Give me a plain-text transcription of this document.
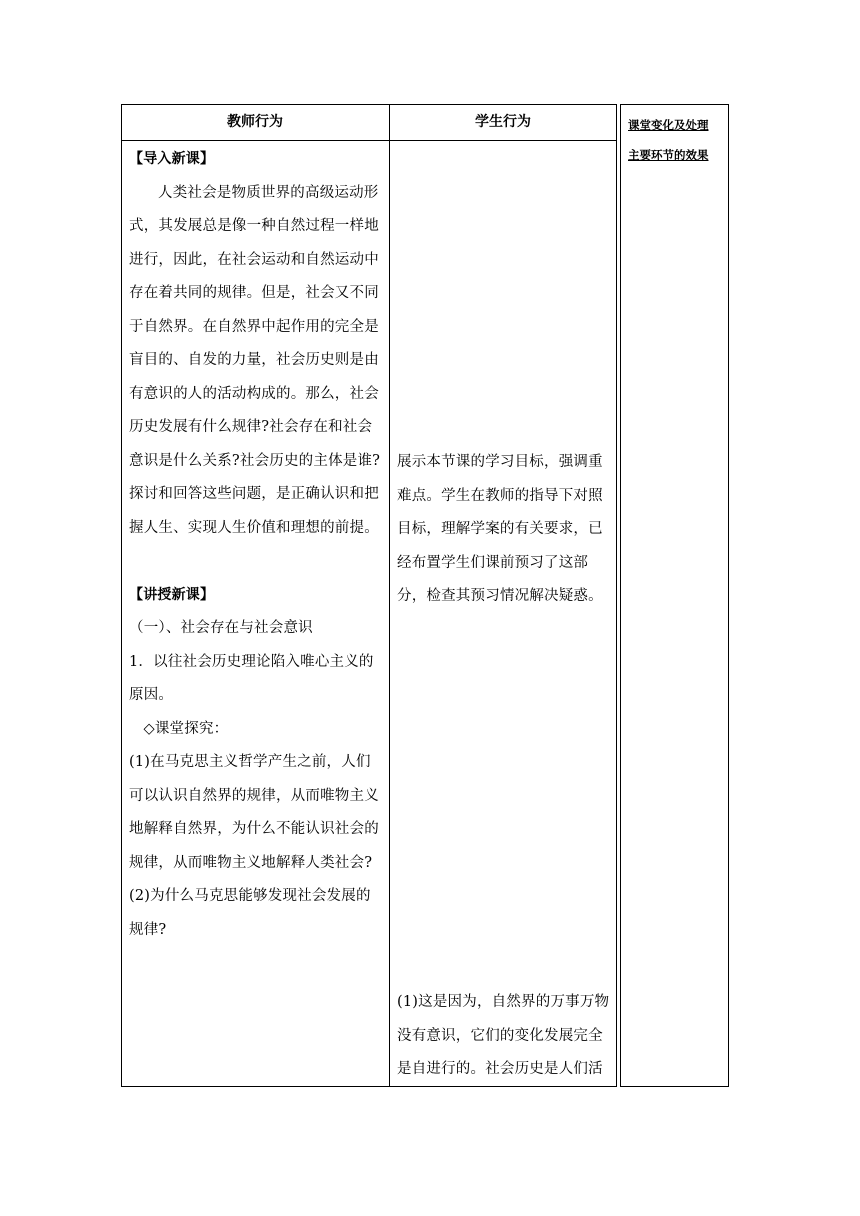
教师行为	学生行为	课堂变化及处理
主要环节的效果

【导入新课】

人类社会是物质世界的高级运动形式，其发展总是像一种自然过程一样地进行，因此，在社会运动和自然运动中存在着共同的规律。但是，社会又不同于自然界。在自然界中起作用的完全是盲目的、自发的力量，社会历史则是由有意识的人的活动构成的。那么，社会历史发展有什么规律?社会存在和社会意识是什么关系?社会历史的主体是谁?探讨和回答这些问题，是正确认识和把握人生、实现人生价值和理想的前提。

【讲授新课】

（一）、社会存在与社会意识

1．以往社会历史理论陷入唯心主义的原因。

◇课堂探究：

(1)在马克思主义哲学产生之前，人们可以认识自然界的规律，从而唯物主义地解释自然界，为什么不能认识社会的规律，从而唯物主义地解释人类社会?

(2)为什么马克思能够发现社会发展的规律?

展示本节课的学习目标，强调重难点。学生在教师的指导下对照目标，理解学案的有关要求，已经布置学生们课前预习了这部分，检查其预习情况解决疑惑。
(1)这是因为，自然界的万事万物没有意识，它们的变化发展完全是自进行的。社会历史是人们活
